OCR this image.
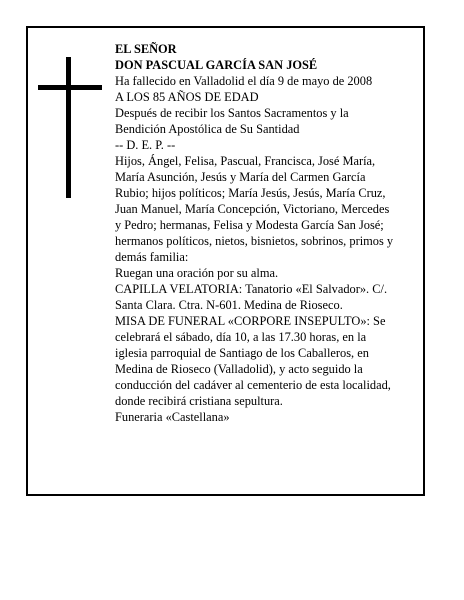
EL SEÑOR

DON PASCUAL GARCÍA SAN JOSÉ

Ha fallecido en Valladolid el día 9 de mayo de 2008

A LOS 85 AÑOS DE EDAD

Después de recibir los Santos Sacramentos y la

Bendición Apostólica de Su Santidad

-- D. E. P. --

Hijos, Ángel, Felisa, Pascual, Francisca, José María,

María Asunción, Jesús y María del Carmen García

Rubio; hijos políticos; María Jesús, Jesús, María Cruz,

Juan Manuel, María Concepción, Victoriano, Mercedes

y Pedro; hermanas, Felisa y Modesta García San José;

hermanos políticos, nietos, bisnietos, sobrinos, primos y

demás familia:

Ruegan una oración por su alma.

CAPILLA VELATORIA: Tanatorio «El Salvador». C/.

Santa Clara. Ctra. N-601. Medina de Rioseco.

MISA DE FUNERAL «CORPORE INSEPULTO»: Se

celebrará el sábado, día 10, a las 17.30 horas, en la

iglesia parroquial de Santiago de los Caballeros, en

Medina de Rioseco (Valladolid), y acto seguido la

conducción del cadáver al cementerio de esta localidad,

donde recibirá cristiana sepultura.

Funeraria «Castellana»
